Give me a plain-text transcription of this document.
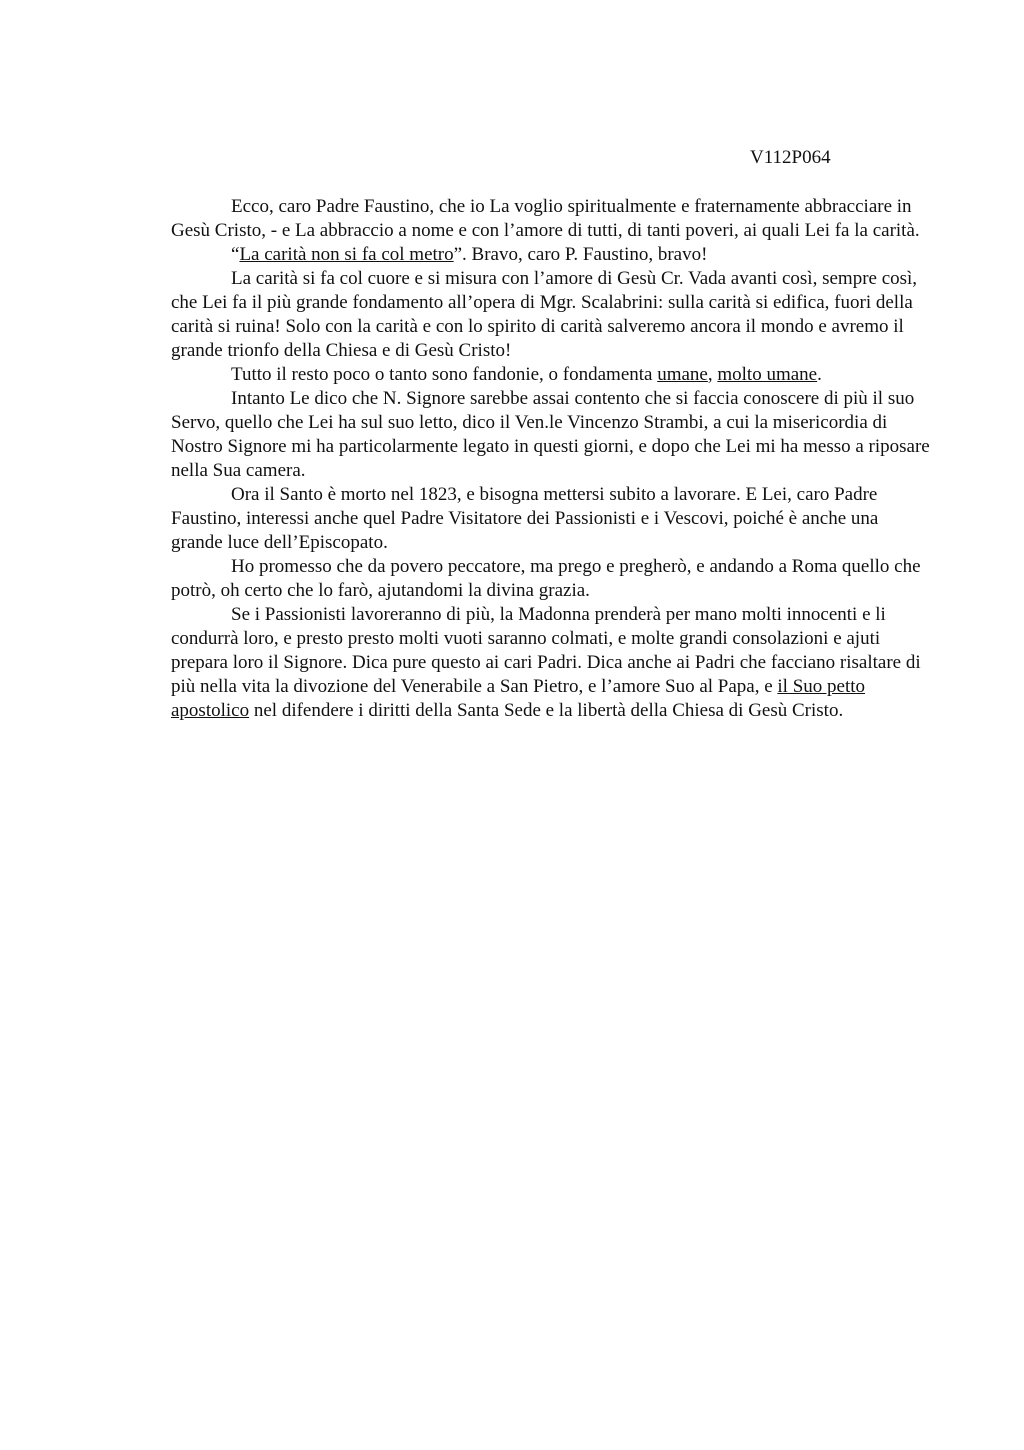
V112P064

Ecco, caro Padre Faustino, che io La voglio spiritualmente e fraternamente abbracciare in Gesù Cristo, - e La abbraccio a nome e con l’amore di tutti, di tanti poveri, ai quali Lei fa la carità.

“La carità non si fa col metro”. Bravo, caro P. Faustino, bravo!

La carità si fa col cuore e si misura con l’amore di Gesù Cr. Vada avanti così, sempre così, che Lei fa il più grande fondamento all’opera di Mgr. Scalabrini: sulla carità si edifica, fuori della carità si ruina! Solo con la carità e con lo spirito di carità salveremo ancora il mondo e avremo il grande trionfo della Chiesa e di Gesù Cristo!

Tutto il resto poco o tanto sono fandonie, o fondamenta umane, molto umane.

Intanto Le dico che N. Signore sarebbe assai contento che si faccia conoscere di più il suo Servo, quello che Lei ha sul suo letto, dico il Ven.le Vincenzo Strambi, a cui la misericordia di Nostro Signore mi ha particolarmente legato in questi giorni, e dopo che Lei mi ha messo a riposare nella Sua camera.

Ora il Santo è morto nel 1823, e bisogna mettersi subito a lavorare. E Lei, caro Padre Faustino, interessi anche quel Padre Visitatore dei Passionisti e i Vescovi, poiché è anche una grande luce dell’Episcopato.

Ho promesso che da povero peccatore, ma prego e pregherò, e andando a Roma quello che potrò, oh certo che lo farò, ajutandomi la divina grazia.

Se i Passionisti lavoreranno di più, la Madonna prenderà per mano molti innocenti e li condurrà loro, e presto presto molti vuoti saranno colmati, e molte grandi consolazioni e ajuti prepara loro il Signore. Dica pure questo ai cari Padri. Dica anche ai Padri che facciano risaltare di più nella vita la divozione del Venerabile a San Pietro, e l’amore Suo al Papa, e il Suo petto apostolico nel difendere i diritti della Santa Sede e la libertà della Chiesa di Gesù Cristo.
